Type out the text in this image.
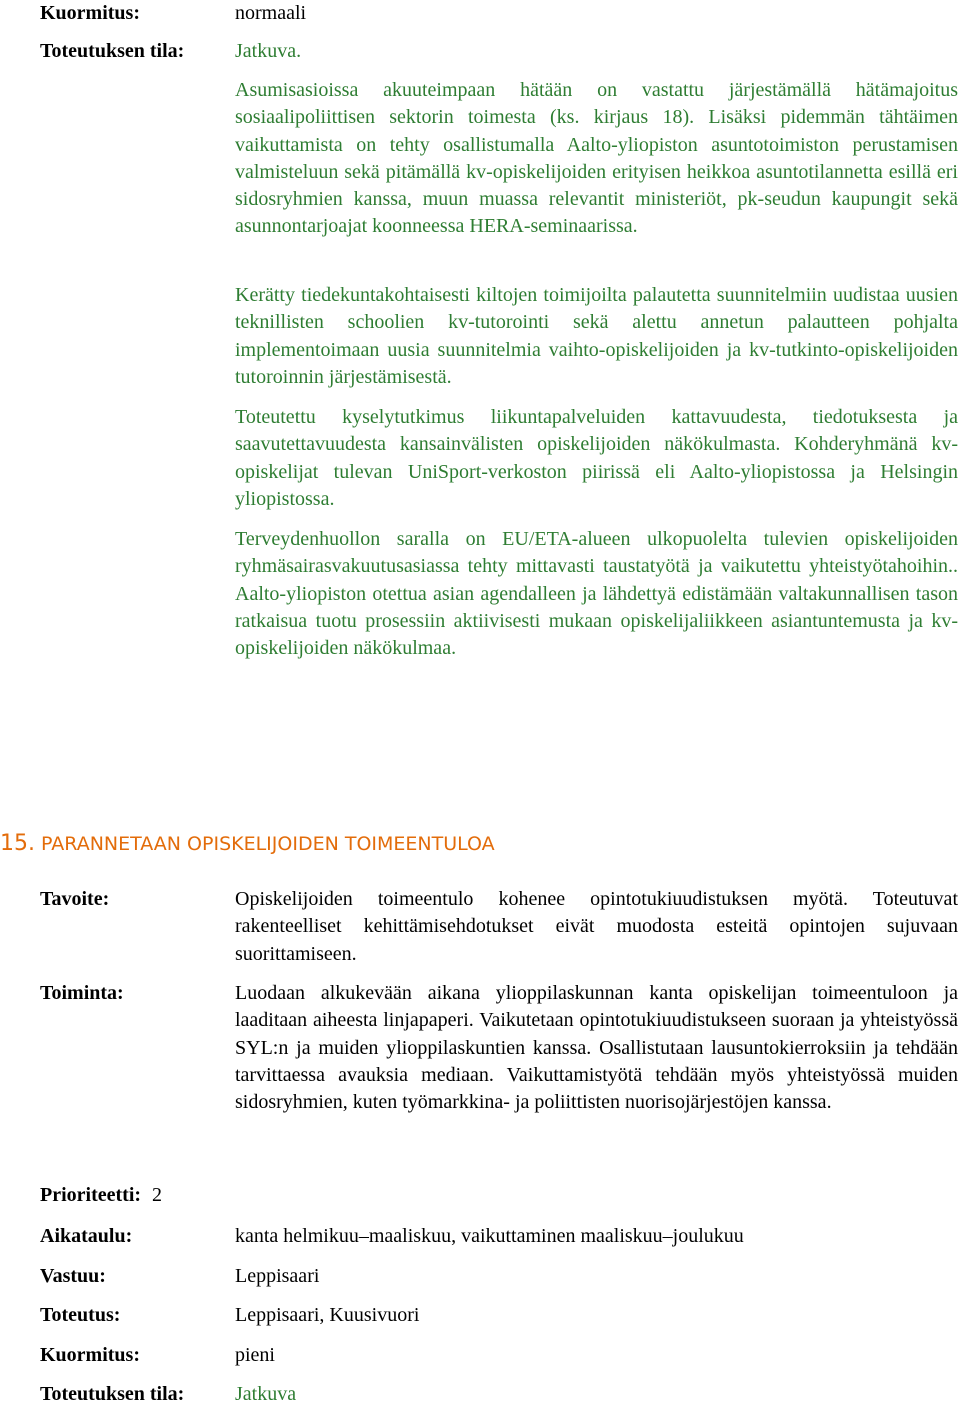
Kuormitus:	normaali
Toteutuksen tila:	Jatkuva.
Asumisasioissa akuuteimpaan hätään on vastattu järjestämällä hätämajoitus sosiaalipoliittisen sektorin toimesta (ks. kirjaus 18). Lisäksi pidemmän tähtäimen vaikuttamista on tehty osallistumalla Aalto-yliopiston asuntotoimiston perustamisen valmisteluun sekä pitämällä kv-opiskelijoiden erityisen heikkoa asuntotilannetta esillä eri sidosryhmien kanssa, muun muassa relevantit ministeriöt, pk-seudun kaupungit sekä asunnontarjoajat koonneessa HERA-seminaarissa.
Kerätty tiedekuntakohtaisesti kiltojen toimijoilta palautetta suunnitelmiin uudistaa uusien teknillisten schoolien kv-tutorointi sekä alettu annetun palautteen pohjalta implementoimaan uusia suunnitelmia vaihto-opiskelijoiden ja kv-tutkinto-opiskelijoiden tutoroinnin järjestämisestä.
Toteutettu kyselytutkimus liikuntapalveluiden kattavuudesta, tiedotuksesta ja saavutettavuudesta kansainvälisten opiskelijoiden näkökulmasta. Kohderyhmänä kv-opiskelijat tulevan UniSport-verkoston piirissä eli Aalto-yliopistossa ja Helsingin yliopistossa.
Terveydenhuollon saralla on EU/ETA-alueen ulkopuolelta tulevien opiskelijoiden ryhmäsairasvakuutusasiassa tehty mittavasti taustatyötä ja vaikutettu yhteistyötahoihin.. Aalto-yliopiston otettua asian agendalleen ja lähdettyä edistämään valtakunnallisen tason ratkaisua tuotu prosessiin aktiivisesti mukaan opiskelijaliikkeen asiantuntemusta ja kv-opiskelijoiden näkökulmaa.
15. PARANNETAAN OPISKELIJOIDEN TOIMEENTULOA
Tavoite:	Opiskelijoiden toimeentulo kohenee opintotukiuudistuksen myötä. Toteutuvat rakenteelliset kehittämisehdotukset eivät muodosta esteitä opintojen sujuvaan suorittamiseen.
Toiminta:	Luodaan alkukevään aikana ylioppilaskunnan kanta opiskelijan toimeentuloon ja laaditaan aiheesta linjapaperi. Vaikutetaan opintotukiuudistukseen suoraan ja yhteistyössä SYL:n ja muiden ylioppilaskuntien kanssa. Osallistutaan lausuntokierroksiin ja tehdään tarvittaessa avauksia mediaan. Vaikuttamistyötä tehdään myös yhteistyössä muiden sidosryhmien, kuten työmarkkina- ja poliittisten nuorisojärjestöjen kanssa.
Prioriteetti: 2
Aikataulu:	kanta helmikuu–maaliskuu, vaikuttaminen maaliskuu–joulukuu
Vastuu:	Leppisaari
Toteutus:	Leppisaari, Kuusivuori
Kuormitus:	pieni
Toteutuksen tila:	Jatkuva
